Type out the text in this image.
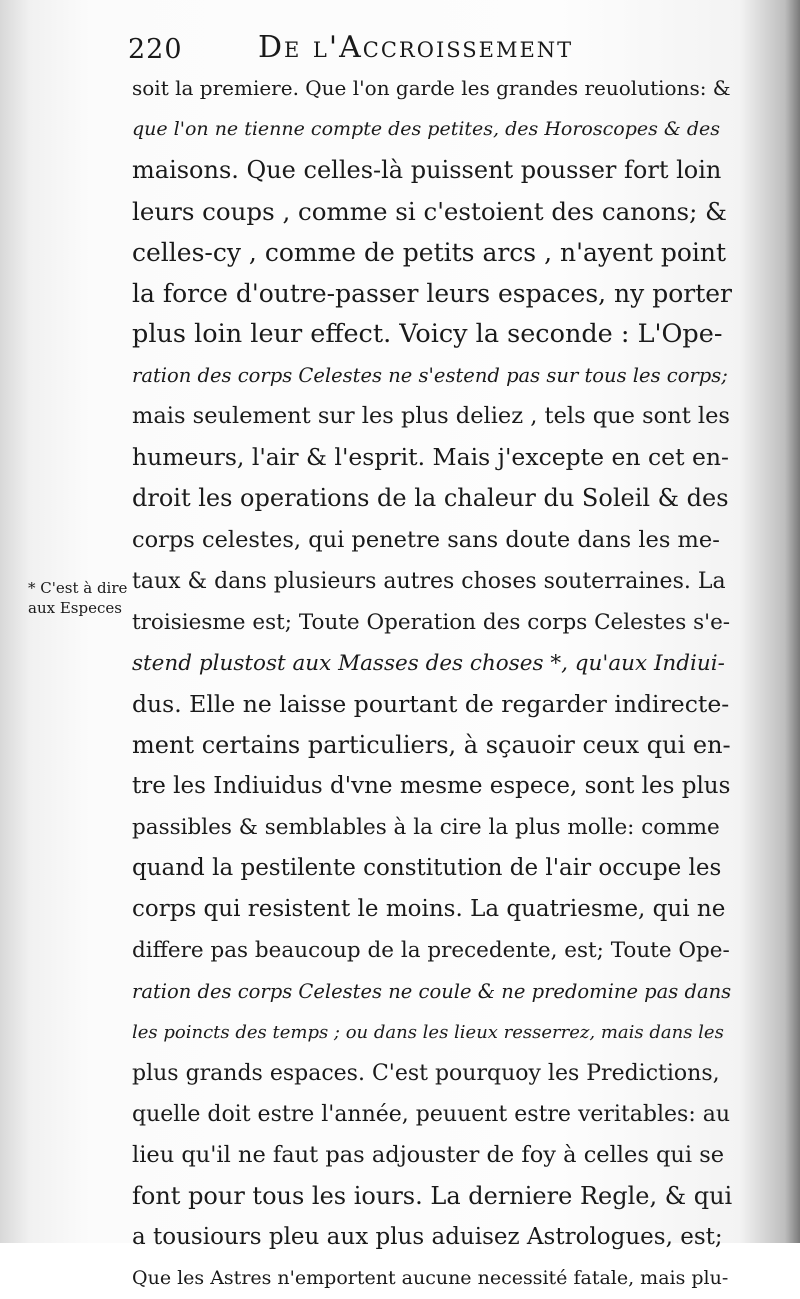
220	De l'Accroissement
* C'est à dire
aux Especes
soit la premiere. Que l'on garde les grandes reuolutions: &
que l'on ne tienne compte des petites, des Horoscopes & des
maisons. Que celles-là puissent pousser fort loin
leurs coups , comme si c'estoient des canons; &
celles-cy , comme de petits arcs , n'ayent point
la force d'outre-passer leurs espaces, ny porter
plus loin leur effect. Voicy la seconde : L'Ope-
ration des corps Celestes ne s'estend pas sur tous les corps;
mais seulement sur les plus deliez , tels que sont les
humeurs, l'air & l'esprit. Mais j'excepte en cet en-
droit les operations de la chaleur du Soleil & des
corps celestes, qui penetre sans doute dans les me-
taux & dans plusieurs autres choses souterraines. La
troisiesme est; Toute Operation des corps Celestes s'e-
stend plustost aux Masses des choses *, qu'aux Indiui-
dus. Elle ne laisse pourtant de regarder indirecte-
ment certains particuliers, à sçauoir ceux qui en-
tre les Indiuidus d'vne mesme espece, sont les plus
passibles & semblables à la cire la plus molle: comme
quand la pestilente constitution de l'air occupe les
corps qui resistent le moins. La quatriesme, qui ne
differe pas beaucoup de la precedente, est; Toute Ope-
ration des corps Celestes ne coule & ne predomine pas dans
les poincts des temps ; ou dans les lieux resserrez, mais dans les
plus grands espaces. C'est pourquoy les Predictions,
quelle doit estre l'année, peuuent estre veritables: au
lieu qu'il ne faut pas adjouster de foy à celles qui se
font pour tous les iours. La derniere Regle, & qui
a tousiours pleu aux plus aduisez Astrologues, est;
Que les Astres n'emportent aucune necessité fatale, mais plu-
